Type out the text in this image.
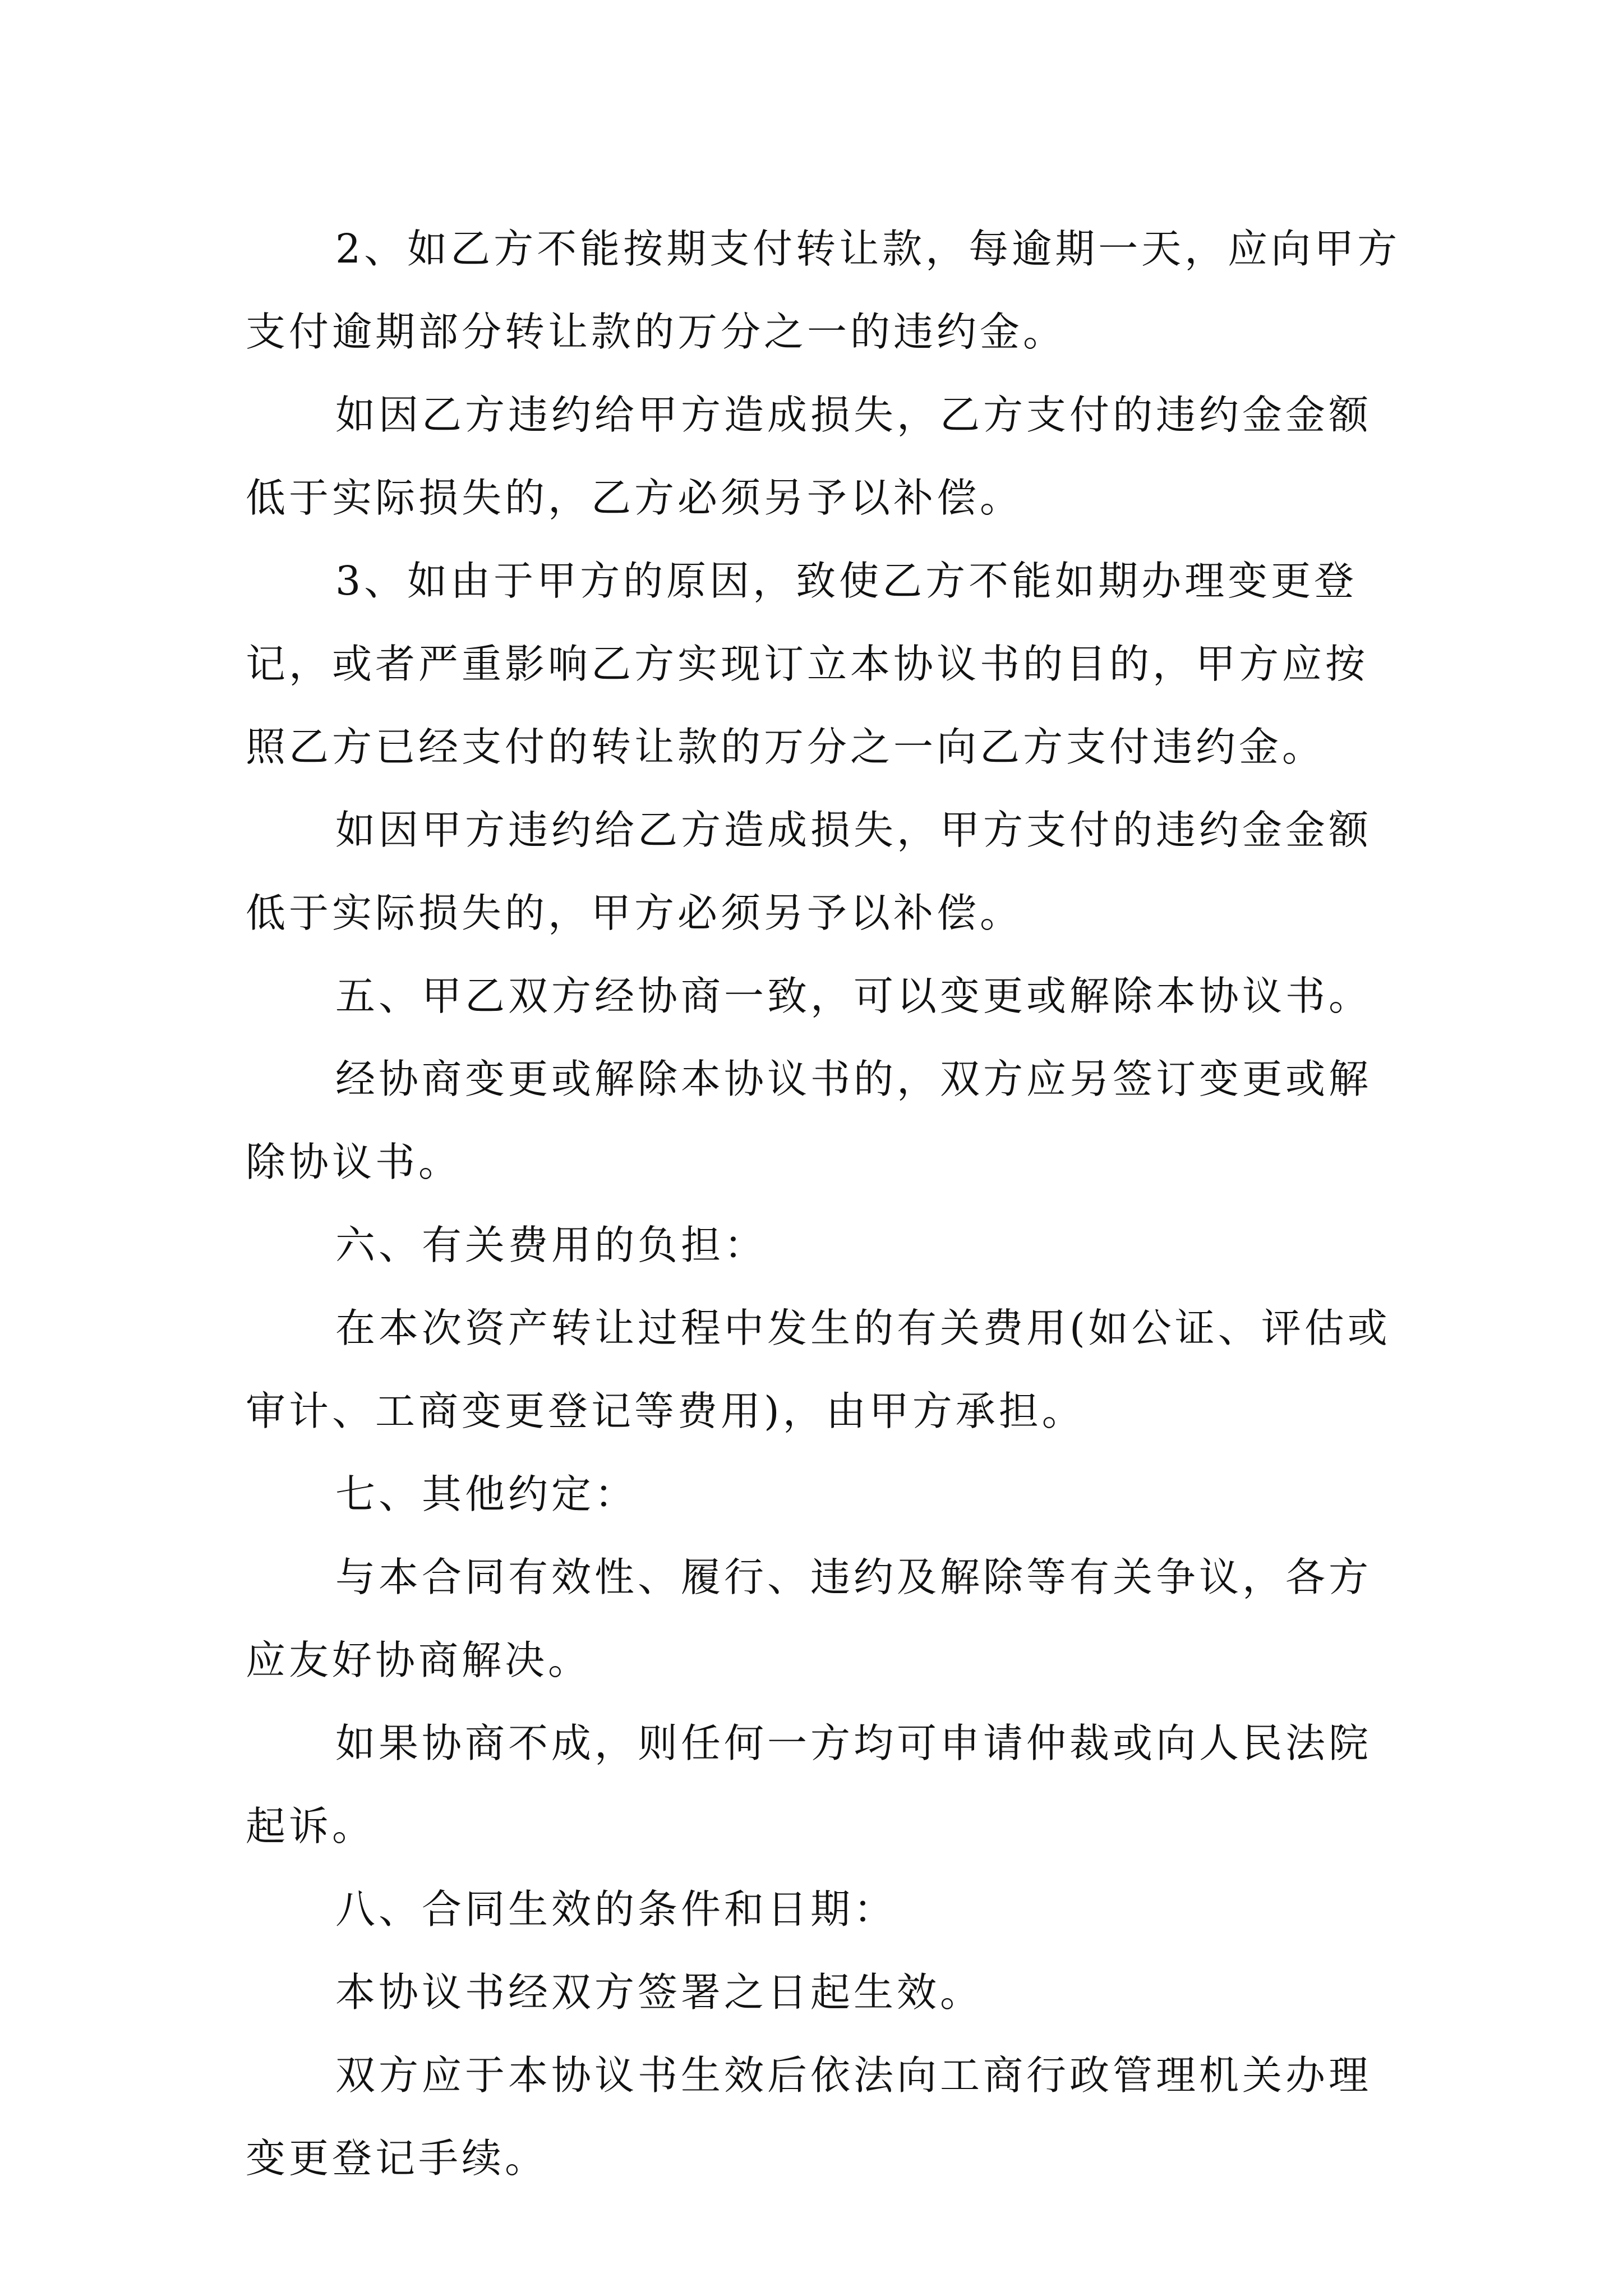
2、如乙方不能按期支付转让款，每逾期一天，应向甲方支付逾期部分转让款的万分之一的违约金。

如因乙方违约给甲方造成损失，乙方支付的违约金金额低于实际损失的，乙方必须另予以补偿。

3、如由于甲方的原因，致使乙方不能如期办理变更登记，或者严重影响乙方实现订立本协议书的目的，甲方应按照乙方已经支付的转让款的万分之一向乙方支付违约金。

如因甲方违约给乙方造成损失，甲方支付的违约金金额低于实际损失的，甲方必须另予以补偿。

五、甲乙双方经协商一致，可以变更或解除本协议书。

经协商变更或解除本协议书的，双方应另签订变更或解除协议书。

六、有关费用的负担：

在本次资产转让过程中发生的有关费用(如公证、评估或审计、工商变更登记等费用)，由甲方承担。

七、其他约定：

与本合同有效性、履行、违约及解除等有关争议，各方应友好协商解决。

如果协商不成，则任何一方均可申请仲裁或向人民法院起诉。

八、合同生效的条件和日期：

本协议书经双方签署之日起生效。

双方应于本协议书生效后依法向工商行政管理机关办理变更登记手续。
